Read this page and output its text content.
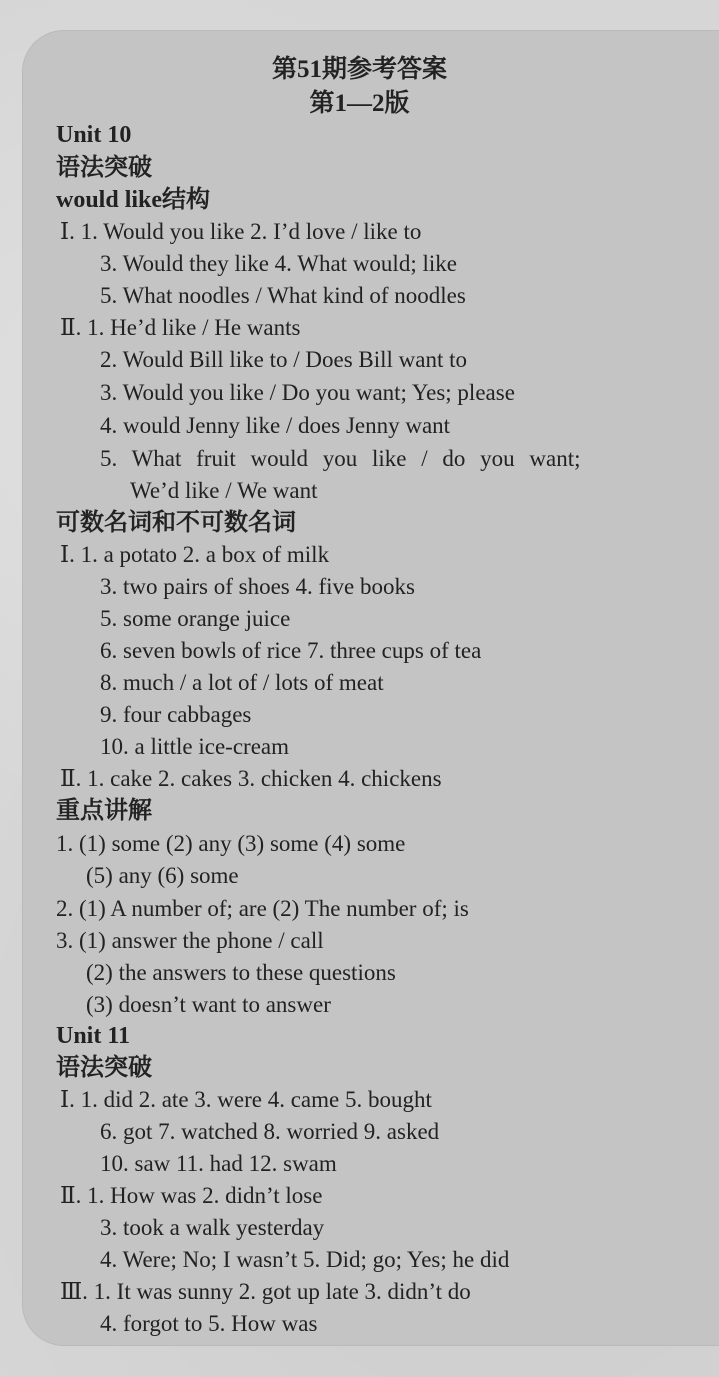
第51期参考答案
第1—2版
Unit 10
语法突破
would like结构
Ⅰ. 1. Would you like 2. I’d love / like to
3. Would they like 4. What would; like
5. What noodles / What kind of noodles
Ⅱ. 1. He’d like / He wants
2. Would Bill like to / Does Bill want to
3. Would you like / Do you want; Yes; please
4. would Jenny like / does Jenny want
5. What fruit would you like / do you want;
We’d like / We want
可数名词和不可数名词
Ⅰ. 1. a potato 2. a box of milk
3. two pairs of shoes 4. five books
5. some orange juice
6. seven bowls of rice 7. three cups of tea
8. much / a lot of / lots of meat
9. four cabbages
10. a little ice-cream
Ⅱ. 1. cake 2. cakes 3. chicken 4. chickens
重点讲解
1. (1) some (2) any (3) some (4) some
(5) any (6) some
2. (1) A number of; are (2) The number of; is
3. (1) answer the phone / call
(2) the answers to these questions
(3) doesn’t want to answer
Unit 11
语法突破
Ⅰ. 1. did 2. ate 3. were 4. came 5. bought
6. got 7. watched 8. worried 9. asked
10. saw 11. had 12. swam
Ⅱ. 1. How was 2. didn’t lose
3. took a walk yesterday
4. Were; No; I wasn’t 5. Did; go; Yes; he did
Ⅲ. 1. It was sunny 2. got up late 3. didn’t do
4. forgot to 5. How was
